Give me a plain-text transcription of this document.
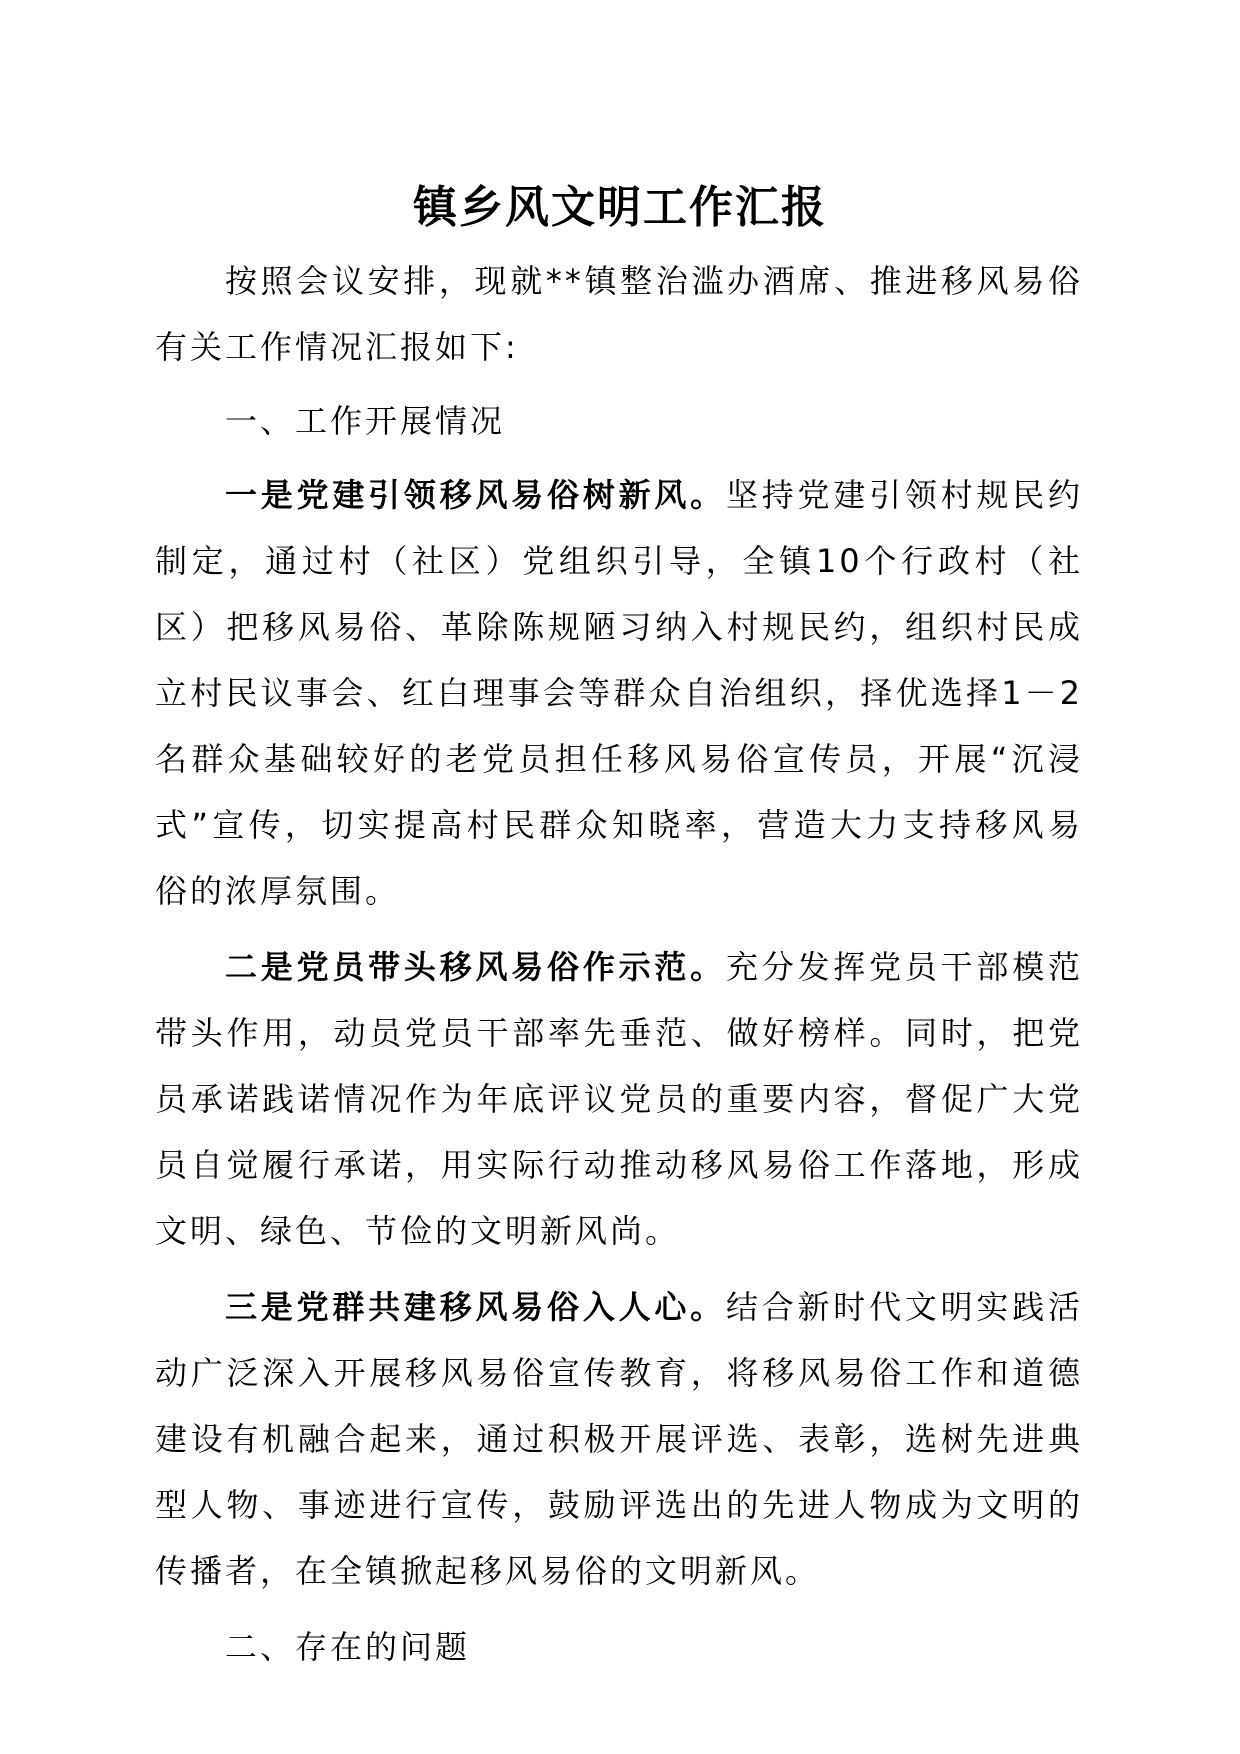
镇乡风文明工作汇报

按照会议安排，现就**镇整治滥办酒席、推进移风易俗有关工作情况汇报如下:

一、工作开展情况

一是党建引领移风易俗树新风。坚持党建引领村规民约制定，通过村（社区）党组织引导，全镇10个行政村（社区）把移风易俗、革除陈规陋习纳入村规民约，组织村民成立村民议事会、红白理事会等群众自治组织，择优选择1－2名群众基础较好的老党员担任移风易俗宣传员，开展“沉浸式”宣传，切实提高村民群众知晓率，营造大力支持移风易俗的浓厚氛围。

二是党员带头移风易俗作示范。充分发挥党员干部模范带头作用，动员党员干部率先垂范、做好榜样。同时，把党员承诺践诺情况作为年底评议党员的重要内容，督促广大党员自觉履行承诺，用实际行动推动移风易俗工作落地，形成文明、绿色、节俭的文明新风尚。

三是党群共建移风易俗入人心。结合新时代文明实践活动广泛深入开展移风易俗宣传教育，将移风易俗工作和道德建设有机融合起来，通过积极开展评选、表彰，选树先进典型人物、事迹进行宣传，鼓励评选出的先进人物成为文明的传播者，在全镇掀起移风易俗的文明新风。

二、存在的问题
